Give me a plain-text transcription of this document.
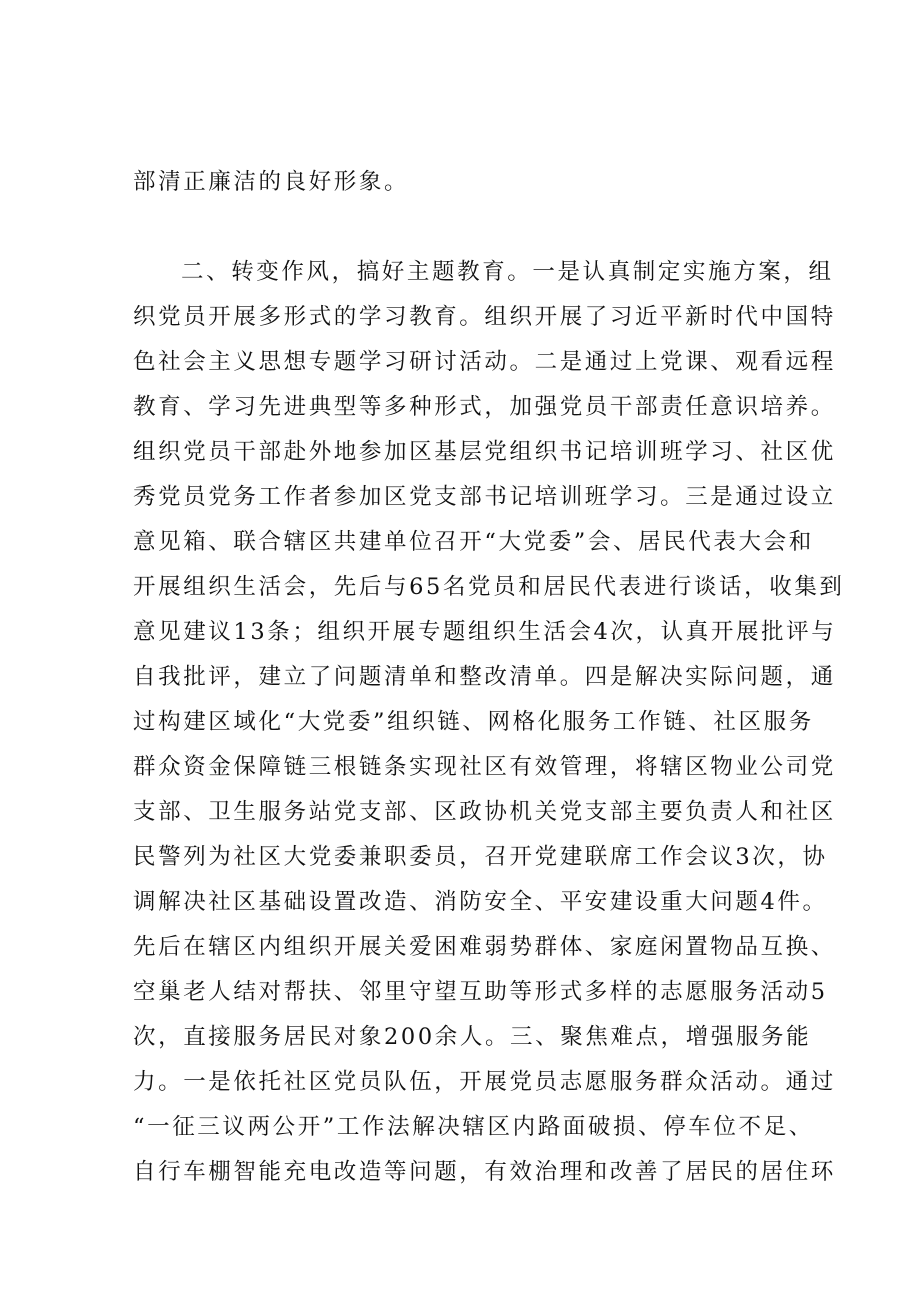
部清正廉洁的良好形象。
二、转变作风，搞好主题教育。一是认真制定实施方案，组
织党员开展多形式的学习教育。组织开展了习近平新时代中国特
色社会主义思想专题学习研讨活动。二是通过上党课、观看远程
教育、学习先进典型等多种形式，加强党员干部责任意识培养。
组织党员干部赴外地参加区基层党组织书记培训班学习、社区优
秀党员党务工作者参加区党支部书记培训班学习。三是通过设立
意见箱、联合辖区共建单位召开“大党委”会、居民代表大会和
开展组织生活会，先后与65名党员和居民代表进行谈话，收集到
意见建议13条；组织开展专题组织生活会4次，认真开展批评与
自我批评，建立了问题清单和整改清单。四是解决实际问题，通
过构建区域化“大党委”组织链、网格化服务工作链、社区服务
群众资金保障链三根链条实现社区有效管理，将辖区物业公司党
支部、卫生服务站党支部、区政协机关党支部主要负责人和社区
民警列为社区大党委兼职委员，召开党建联席工作会议3次，协
调解决社区基础设置改造、消防安全、平安建设重大问题4件。
先后在辖区内组织开展关爱困难弱势群体、家庭闲置物品互换、
空巢老人结对帮扶、邻里守望互助等形式多样的志愿服务活动5
次，直接服务居民对象200余人。三、聚焦难点，增强服务能
力。一是依托社区党员队伍，开展党员志愿服务群众活动。通过
“一征三议两公开”工作法解决辖区内路面破损、停车位不足、
自行车棚智能充电改造等问题，有效治理和改善了居民的居住环
